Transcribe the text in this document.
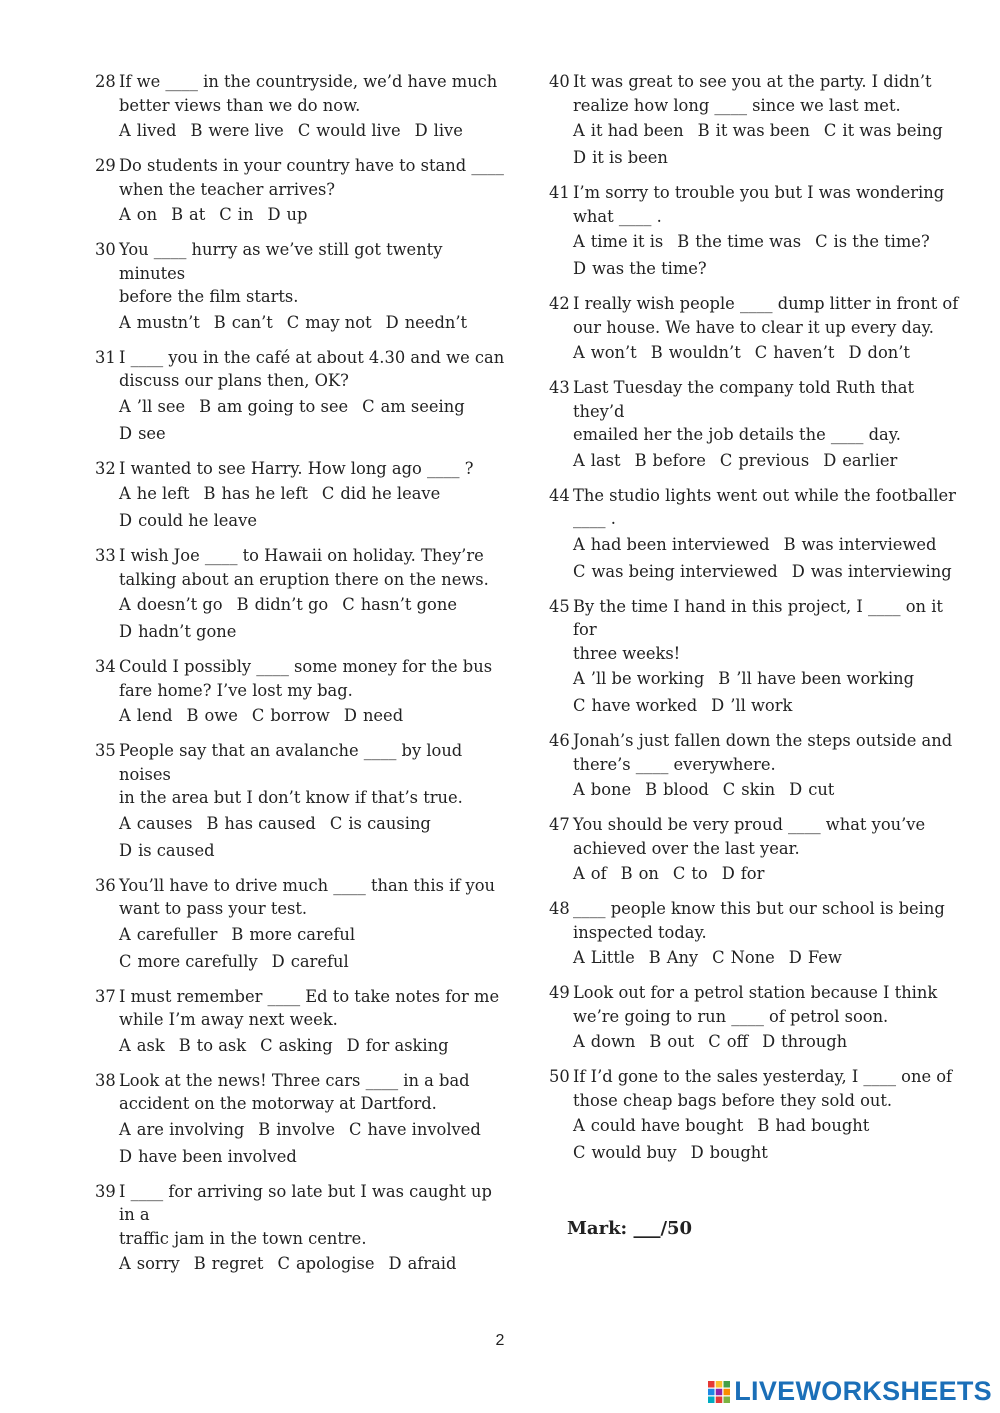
28 If we ____ in the countryside, we’d have much
better views than we do now.
A lived B were live C would live D live
29 Do students in your country have to stand ____
when the teacher arrives?
A on B at C in D up
30 You ____ hurry as we’ve still got twenty minutes
before the film starts.
A mustn’t B can’t C may not D needn’t
31 I ____ you in the café at about 4.30 and we can
discuss our plans then, OK?
A ’ll see B am going to see C am seeing
D see
32 I wanted to see Harry. How long ago ____ ?
A he left B has he left C did he leave
D could he leave
33 I wish Joe ____ to Hawaii on holiday. They’re
talking about an eruption there on the news.
A doesn’t go B didn’t go C hasn’t gone
D hadn’t gone
34 Could I possibly ____ some money for the bus
fare home? I’ve lost my bag.
A lend B owe C borrow D need
35 People say that an avalanche ____ by loud noises
in the area but I don’t know if that’s true.
A causes B has caused C is causing
D is caused
36 You’ll have to drive much ____ than this if you
want to pass your test.
A carefuller B more careful
C more carefully D careful
37 I must remember ____ Ed to take notes for me
while I’m away next week.
A ask B to ask C asking D for asking
38 Look at the news! Three cars ____ in a bad
accident on the motorway at Dartford.
A are involving B involve C have involved
D have been involved
39 I ____ for arriving so late but I was caught up in a
traffic jam in the town centre.
A sorry B regret C apologise D afraid
40 It was great to see you at the party. I didn’t
realize how long ____ since we last met.
A it had been B it was been C it was being
D it is been
41 I’m sorry to trouble you but I was wondering
what ____ .
A time it is B the time was C is the time?
D was the time?
42 I really wish people ____ dump litter in front of
our house. We have to clear it up every day.
A won’t B wouldn’t C haven’t D don’t
43 Last Tuesday the company told Ruth that they’d
emailed her the job details the ____ day.
A last B before C previous D earlier
44 The studio lights went out while the footballer
____ .
A had been interviewed B was interviewed
C was being interviewed D was interviewing
45 By the time I hand in this project, I ____ on it for
three weeks!
A ’ll be working B ’ll have been working
C have worked D ’ll work
46 Jonah’s just fallen down the steps outside and
there’s ____ everywhere.
A bone B blood C skin D cut
47 You should be very proud ____ what you’ve
achieved over the last year.
A of B on C to D for
48 ____ people know this but our school is being
inspected today.
A Little B Any C None D Few
49 Look out for a petrol station because I think
we’re going to run ____ of petrol soon.
A down B out C off D through
50 If I’d gone to the sales yesterday, I ____ one of
those cheap bags before they sold out.
A could have bought B had bought
C would buy D bought
Mark: ___/50
2
LIVEWORKSHEETS
